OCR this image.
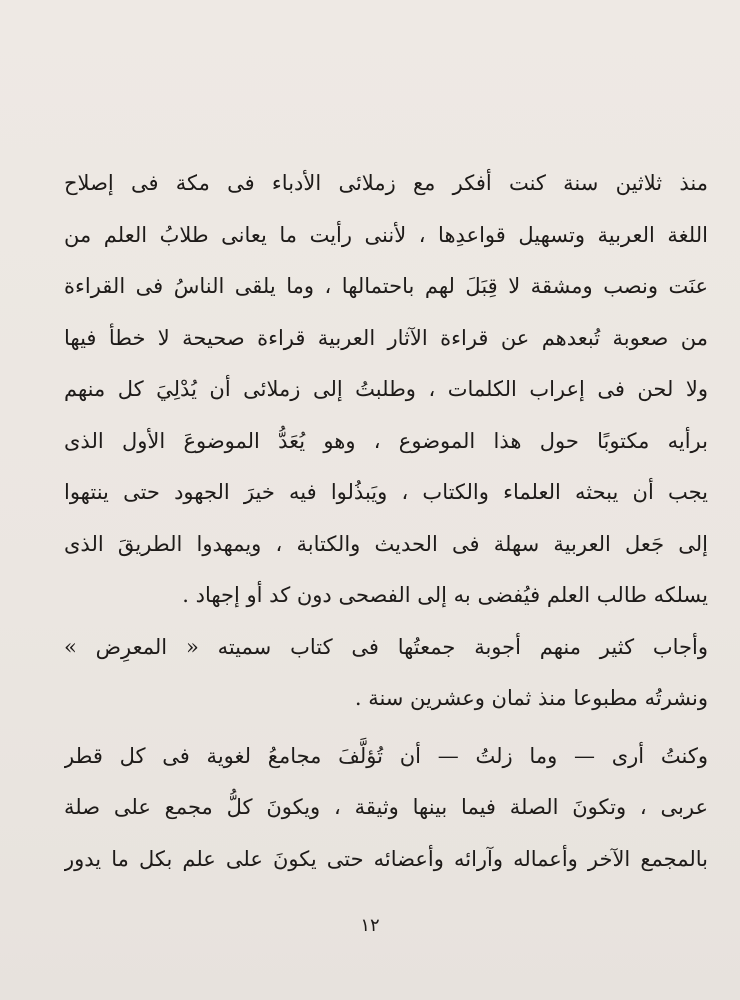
منذ ثلاثين سنة كنت أفكر مع زملائى الأدباء فى مكة فى إصلاح
اللغة العربية وتسهيل قواعدِها ، لأننى رأيت ما يعانى طلابُ العلم من
عنَت ونصب ومشقة لا قِبَلَ لهم باحتمالها ، وما يلقى الناسُ فى القراءة
من صعوبة تُبعدهم عن قراءة الآثار العربية قراءة صحيحة لا خطأ فيها
ولا لحن فى إعراب الكلمات ، وطلبتُ إلى زملائى أن يُدْلِيَ كل منهم
برأيه مكتوبًا حول هذا الموضوع ، وهو يُعَدُّ الموضوعَ الأول الذى
يجب أن يبحثه العلماء والكتاب ، ويَبذُلوا فيه خيرَ الجهود حتى ينتهوا
إلى جَعل العربية سهلة فى الحديث والكتابة ، ويمهدوا الطريقَ الذى
يسلكه طالب العلم فيُفضى به إلى الفصحى دون كد أو إجهاد .
وأجاب كثير منهم أجوبة جمعتُها فى كتاب سميته « المعرِض »
ونشرتُه مطبوعا منذ ثمان وعشرين سنة .
وكنتُ أرى — وما زلتُ — أن تُؤلَّفَ مجامعُ لغوية فى كل قطر
عربى ، وتكونَ الصلة فيما بينها وثيقة ، ويكونَ كلُّ مجمع على صلة
بالمجمع الآخر وأعماله وآرائه وأعضائه حتى يكونَ على علم بكل ما يدور
١٢
